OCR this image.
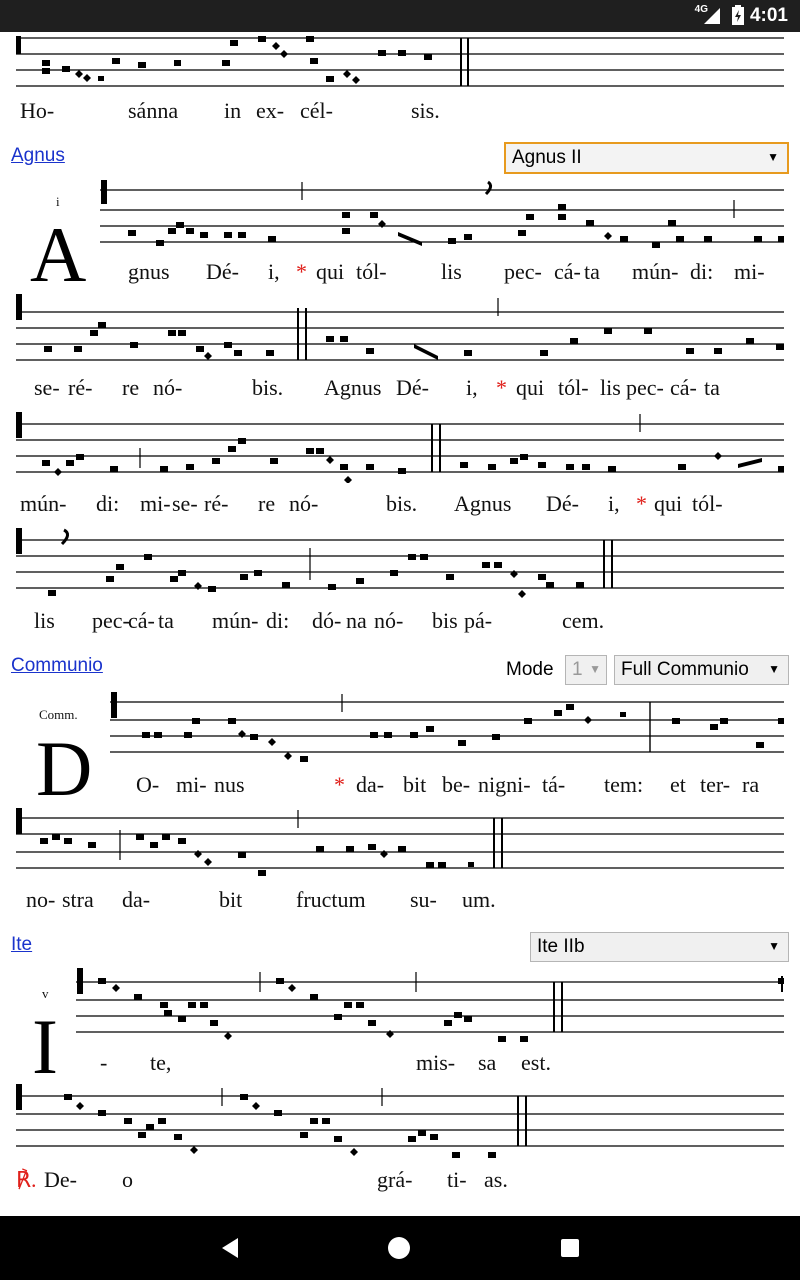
4G 4:01
Ho-	sánna in ex- cél-	sis.
Agnus	Agnus II	▼
i
A gnus Dé- i, * qui tól- lis pec- cá- ta mún- di: mi-
se- ré- re nó-	bis. Agnus Dé- i, * qui tól- lis pec- cá- ta
mún- di: mi- se- ré- re nó-	bis. Agnus Dé- i, * qui tól-
lis pec-
cá- ta mún- di: dó- na nó- bis pá-	cem.
Communio	Mode 1 ▼	Full Communio ▼
Comm.
D O- mi- nus	* da- bit be- nigni- tá- tem: et ter- ra
no- stra da-	bit fructum su- um.
Ite	Ite IIb	▼
v
I - te,	mis- sa est.
℟. De- o	grá- ti- as.
